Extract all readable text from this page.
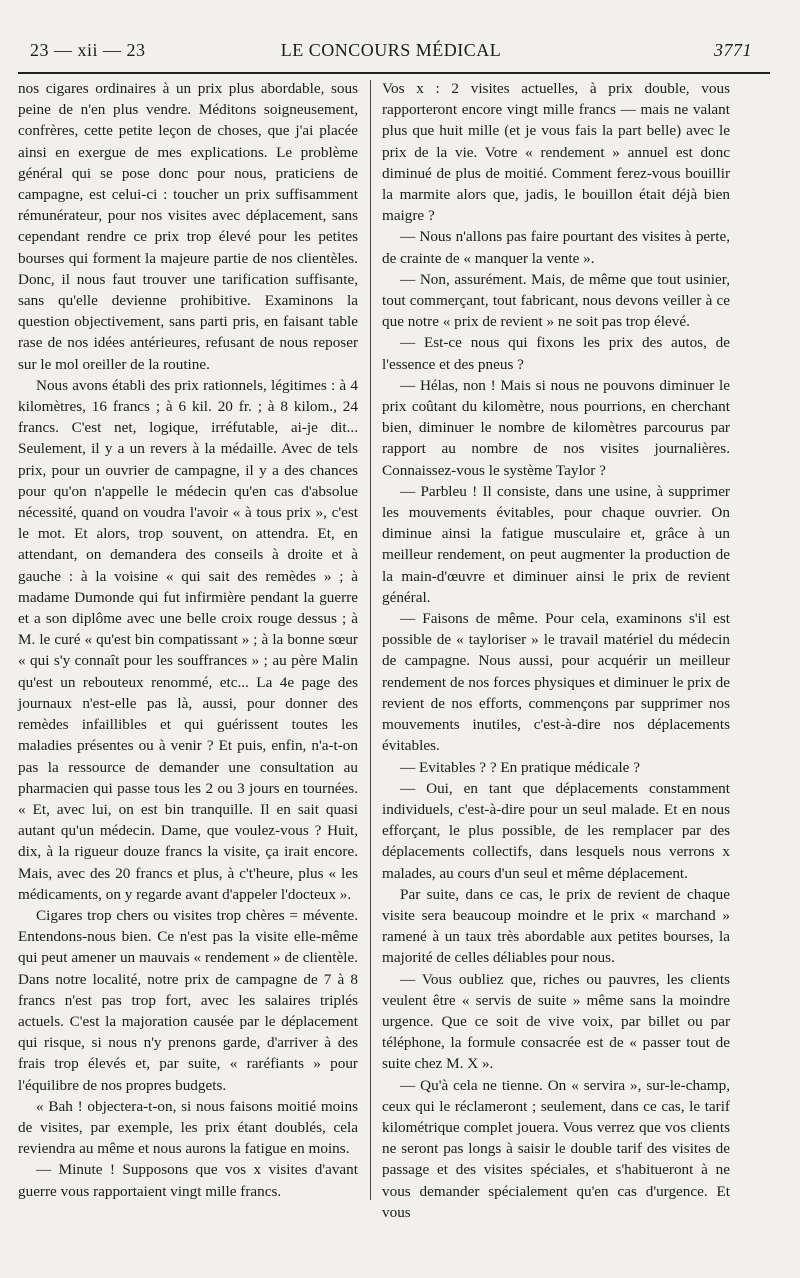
23 — xii — 23	LE CONCOURS MÉDICAL	3771

nos cigares ordinaires à un prix plus abordable, sous peine de n'en plus vendre. Méditons soigneusement, confrères, cette petite leçon de choses, que j'ai placée ainsi en exergue de mes explications. Le problème général qui se pose donc pour nous, praticiens de campagne, est celui-ci : toucher un prix suffisamment rémunérateur, pour nos visites avec déplacement, sans cependant rendre ce prix trop élevé pour les petites bourses qui forment la majeure partie de nos clientèles. Donc, il nous faut trouver une tarification suffisante, sans qu'elle devienne prohibitive. Examinons la question objectivement, sans parti pris, en faisant table rase de nos idées antérieures, refusant de nous reposer sur le mol oreiller de la routine.

Nous avons établi des prix rationnels, légitimes : à 4 kilomètres, 16 francs ; à 6 kil. 20 fr. ; à 8 kilom., 24 francs. C'est net, logique, irréfutable, ai-je dit... Seulement, il y a un revers à la médaille. Avec de tels prix, pour un ouvrier de campagne, il y a des chances pour qu'on n'appelle le médecin qu'en cas d'absolue nécessité, quand on voudra l'avoir « à tous prix », c'est le mot. Et alors, trop souvent, on attendra. Et, en attendant, on demandera des conseils à droite et à gauche : à la voisine « qui sait des remèdes » ; à madame Dumonde qui fut infirmière pendant la guerre et a son diplôme avec une belle croix rouge dessus ; à M. le curé « qu'est bin compatissant » ; à la bonne sœur « qui s'y connaît pour les souffrances » ; au père Malin qu'est un rebouteux renommé, etc... La 4e page des journaux n'est-elle pas là, aussi, pour donner des remèdes infaillibles et qui guérissent toutes les maladies présentes ou à venir ? Et puis, enfin, n'a-t-on pas la ressource de demander une consultation au pharmacien qui passe tous les 2 ou 3 jours en tournées. « Et, avec lui, on est bin tranquille. Il en sait quasi autant qu'un médecin. Dame, que voulez-vous ? Huit, dix, à la rigueur douze francs la visite, ça irait encore. Mais, avec des 20 francs et plus, à c't'heure, plus « les médicaments, on y regarde avant d'appeler l'docteux ».

Cigares trop chers ou visites trop chères = mévente. Entendons-nous bien. Ce n'est pas la visite elle-même qui peut amener un mauvais « rendement » de clientèle. Dans notre localité, notre prix de campagne de 7 à 8 francs n'est pas trop fort, avec les salaires triplés actuels. C'est la majoration causée par le déplacement qui risque, si nous n'y prenons garde, d'arriver à des frais trop élevés et, par suite, « raréfiants » pour l'équilibre de nos propres budgets.

« Bah ! objectera-t-on, si nous faisons moitié moins de visites, par exemple, les prix étant doublés, cela reviendra au même et nous aurons la fatigue en moins.

— Minute ! Supposons que vos x visites d'avant guerre vous rapportaient vingt mille francs.

Vos x : 2 visites actuelles, à prix double, vous rapporteront encore vingt mille francs — mais ne valant plus que huit mille (et je vous fais la part belle) avec le prix de la vie. Votre « rendement » annuel est donc diminué de plus de moitié. Comment ferez-vous bouillir la marmite alors que, jadis, le bouillon était déjà bien maigre ?

— Nous n'allons pas faire pourtant des visites à perte, de crainte de « manquer la vente ».

— Non, assurément. Mais, de même que tout usinier, tout commerçant, tout fabricant, nous devons veiller à ce que notre « prix de revient » ne soit pas trop élevé.

— Est-ce nous qui fixons les prix des autos, de l'essence et des pneus ?

— Hélas, non ! Mais si nous ne pouvons diminuer le prix coûtant du kilomètre, nous pourrions, en cherchant bien, diminuer le nombre de kilomètres parcourus par rapport au nombre de nos visites journalières. Connaissez-vous le système Taylor ?

— Parbleu ! Il consiste, dans une usine, à supprimer les mouvements évitables, pour chaque ouvrier. On diminue ainsi la fatigue musculaire et, grâce à un meilleur rendement, on peut augmenter la production de la main-d'œuvre et diminuer ainsi le prix de revient général.

— Faisons de même. Pour cela, examinons s'il est possible de « tayloriser » le travail matériel du médecin de campagne. Nous aussi, pour acquérir un meilleur rendement de nos forces physiques et diminuer le prix de revient de nos efforts, commençons par supprimer nos mouvements inutiles, c'est-à-dire nos déplacements évitables.

— Evitables ? ? En pratique médicale ?

— Oui, en tant que déplacements constamment individuels, c'est-à-dire pour un seul malade. Et en nous efforçant, le plus possible, de les remplacer par des déplacements collectifs, dans lesquels nous verrons x malades, au cours d'un seul et même déplacement.

Par suite, dans ce cas, le prix de revient de chaque visite sera beaucoup moindre et le prix « marchand » ramené à un taux très abordable aux petites bourses, la majorité de celles déliables pour nous.

— Vous oubliez que, riches ou pauvres, les clients veulent être « servis de suite » même sans la moindre urgence. Que ce soit de vive voix, par billet ou par téléphone, la formule consacrée est de « passer tout de suite chez M. X ».

— Qu'à cela ne tienne. On « servira », sur-le-champ, ceux qui le réclameront ; seulement, dans ce cas, le tarif kilométrique complet jouera. Vous verrez que vos clients ne seront pas longs à saisir le double tarif des visites de passage et des visites spéciales, et s'habitueront à ne vous demander spécialement qu'en cas d'urgence. Et vous
